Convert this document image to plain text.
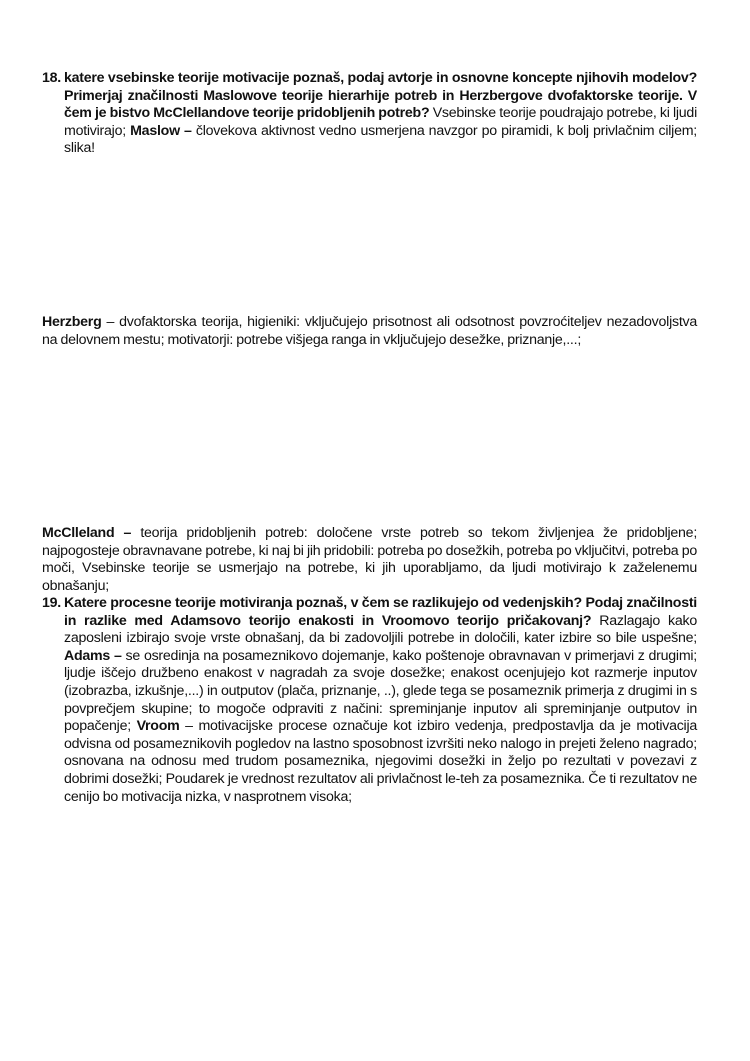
18. katere vsebinske teorije motivacije poznaš, podaj avtorje in osnovne koncepte njihovih modelov? Primerjaj značilnosti Maslowove teorije hierarhije potreb in Herzbergove dvofaktorske teorije. V čem je bistvo McClellandove teorije pridobljenih potreb? Vsebinske teorije poudrajajo potrebe, ki ljudi motivirajo; Maslow – človekova aktivnost vedno usmerjena navzgor po piramidi, k bolj privlačnim ciljem; slika!
Herzberg – dvofaktorska teorija, higieniki: vključujejo prisotnost ali odsotnost povzroćiteljev nezadovoljstva na delovnem mestu; motivatorji: potrebe višjega ranga in vključujejo desežke, priznanje,...;
McClleland – teorija pridobljenih potreb: določene vrste potreb so tekom življenjea že pridobljene; najpogosteje obravnavane potrebe, ki naj bi jih pridobili: potreba po dosežkih, potreba po vključitvi, potreba po moči, Vsebinske teorije se usmerjajo na potrebe, ki jih uporabljamo, da ljudi motivirajo k zaželenemu obnašanju;
19. Katere procesne teorije motiviranja poznaš, v čem se razlikujejo od vedenjskih? Podaj značilnosti in razlike med Adamsovo teorijo enakosti in Vroomovo teorijo pričakovanj? Razlagajo kako zaposleni izbirajo svoje vrste obnašanj, da bi zadovoljili potrebe in določili, kater izbire so bile uspešne; Adams – se osredinja na posameznikovo dojemanje, kako poštenoje obravnavan v primerjavi z drugimi; ljudje iščejo družbeno enakost v nagradah za svoje dosežke; enakost ocenjujejo kot razmerje inputov (izobrazba, izkušnje,...) in outputov (plača, priznanje, ..), glede tega se posameznik primerja z drugimi in s povprečjem skupine; to mogoče odpraviti z načini: spreminjanje inputov ali spreminjanje outputov in popačenje; Vroom – motivacijske procese označuje kot izbiro vedenja, predpostavlja da je motivacija odvisna od posameznikovih pogledov na lastno sposobnost izvršiti neko nalogo in prejeti želeno nagrado; osnovana na odnosu med trudom posameznika, njegovimi dosežki in željo po rezultati v povezavi z dobrimi dosežki; Poudarek je vrednost rezultatov ali privlačnost le-teh za posameznika. Če ti rezultatov ne cenijo bo motivacija nizka, v nasprotnem visoka;
